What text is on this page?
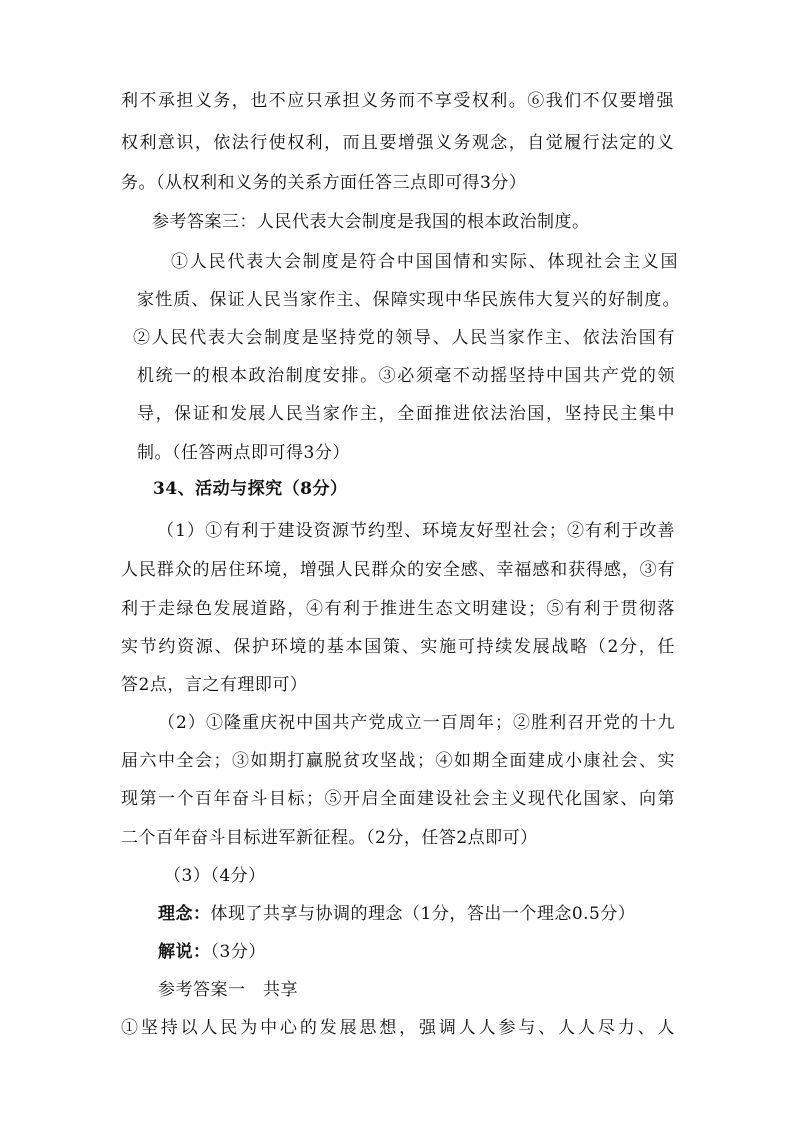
利不承担义务，也不应只承担义务而不享受权利。⑥我们不仅要增强
权利意识，依法行使权利，而且要增强义务观念，自觉履行法定的义
务。（从权利和义务的关系方面任答三点即可得3分）
参考答案三：人民代表大会制度是我国的根本政治制度。
①人民代表大会制度是符合中国国情和实际、体现社会主义国
家性质、保证人民当家作主、保障实现中华民族伟大复兴的好制度。
②人民代表大会制度是坚持党的领导、人民当家作主、依法治国有
机统一的根本政治制度安排。③必须毫不动摇坚持中国共产党的领
导，保证和发展人民当家作主，全面推进依法治国，坚持民主集中
制。（任答两点即可得3分）
34、活动与探究（8分）
（1）①有利于建设资源节约型、环境友好型社会；②有利于改善
人民群众的居住环境，增强人民群众的安全感、幸福感和获得感，③有
利于走绿色发展道路，④有利于推进生态文明建设；⑤有利于贯彻落
实节约资源、保护环境的基本国策、实施可持续发展战略（2分，任
答2点，言之有理即可）
（2）①隆重庆祝中国共产党成立一百周年；②胜利召开党的十九
届六中全会；③如期打赢脱贫攻坚战；④如期全面建成小康社会、实
现第一个百年奋斗目标；⑤开启全面建设社会主义现代化国家、向第
二个百年奋斗目标进军新征程。（2分，任答2点即可）
（3）（4分）
理念：体现了共享与协调的理念（1分，答出一个理念0.5分）
解说：（3分）
参考答案一　共享
①坚持以人民为中心的发展思想，强调人人参与、人人尽力、人
